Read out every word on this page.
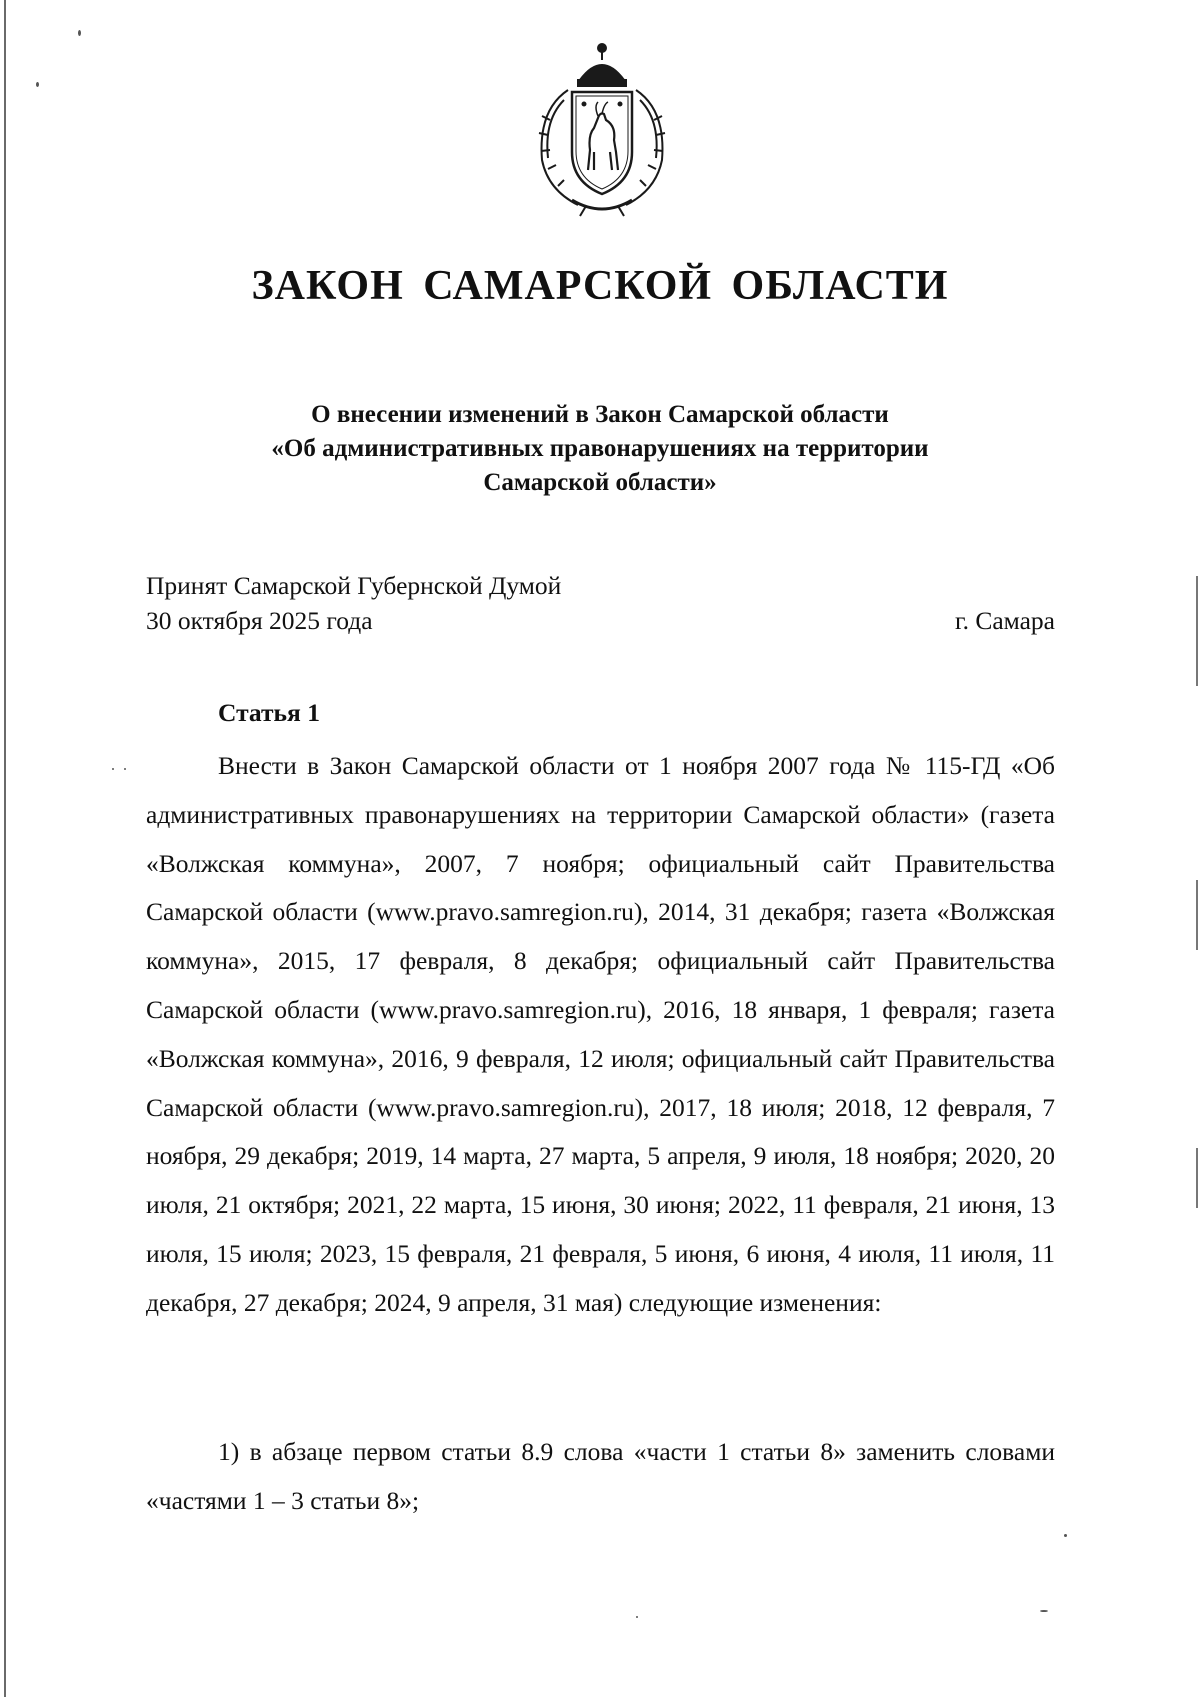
ЗАКОН САМАРСКОЙ ОБЛАСТИ
О внесении изменений в Закон Самарской области
«Об административных правонарушениях на территории
Самарской области»
Принят Самарской Губернской Думой
30 октября 2025 года	г. Самара
Статья 1

Внести в Закон Самарской области от 1 ноября 2007 года № 115-ГД «Об административных правонарушениях на территории Самарской области» (газета «Волжская коммуна», 2007, 7 ноября; официальный сайт Правительства Самарской области (www.pravo.samregion.ru), 2014, 31 декабря; газета «Волжская коммуна», 2015, 17 февраля, 8 декабря; официальный сайт Правительства Самарской области (www.pravo.samregion.ru), 2016, 18 января, 1 февраля; газета «Волжская коммуна», 2016, 9 февраля, 12 июля; официальный сайт Правительства Самарской области (www.pravo.samregion.ru), 2017, 18 июля; 2018, 12 февраля, 7 ноября, 29 декабря; 2019, 14 марта, 27 марта, 5 апреля, 9 июля, 18 ноября; 2020, 20 июля, 21 октября; 2021, 22 марта, 15 июня, 30 июня; 2022, 11 февраля, 21 июня, 13 июля, 15 июля; 2023, 15 февраля, 21 февраля, 5 июня, 6 июня, 4 июля, 11 июля, 11 декабря, 27 декабря; 2024, 9 апреля, 31 мая) следующие изменения:

1) в абзаце первом статьи 8.9 слова «части 1 статьи 8» заменить словами «частями 1 – 3 статьи 8»;
